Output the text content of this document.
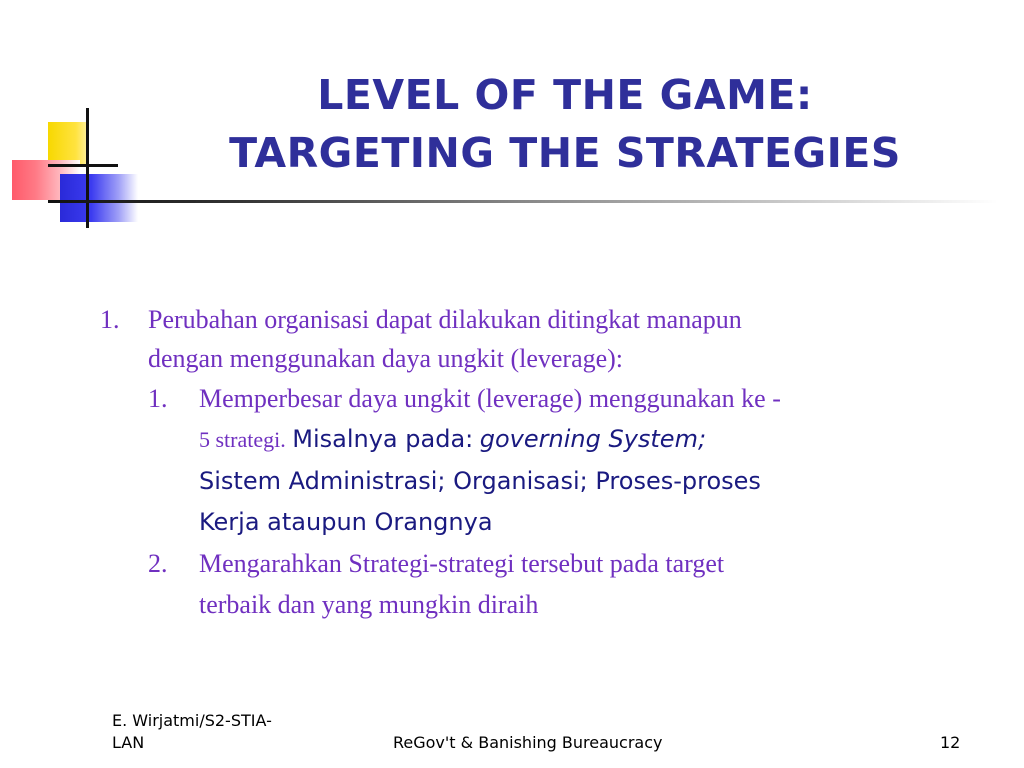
LEVEL OF THE GAME:
TARGETING THE STRATEGIES
1. Perubahan organisasi dapat dilakukan ditingkat manapun
dengan menggunakan daya ungkit (leverage):
1. Memperbesar daya ungkit (leverage) menggunakan ke -
5 strategi. Misalnya pada: governing System;
Sistem Administrasi; Organisasi; Proses-proses
Kerja ataupun Orangnya
2. Mengarahkan Strategi-strategi tersebut pada target
terbaik dan yang mungkin diraih
E. Wirjatmi/S2-STIA-
LAN	ReGov't & Banishing Bureaucracy	12
